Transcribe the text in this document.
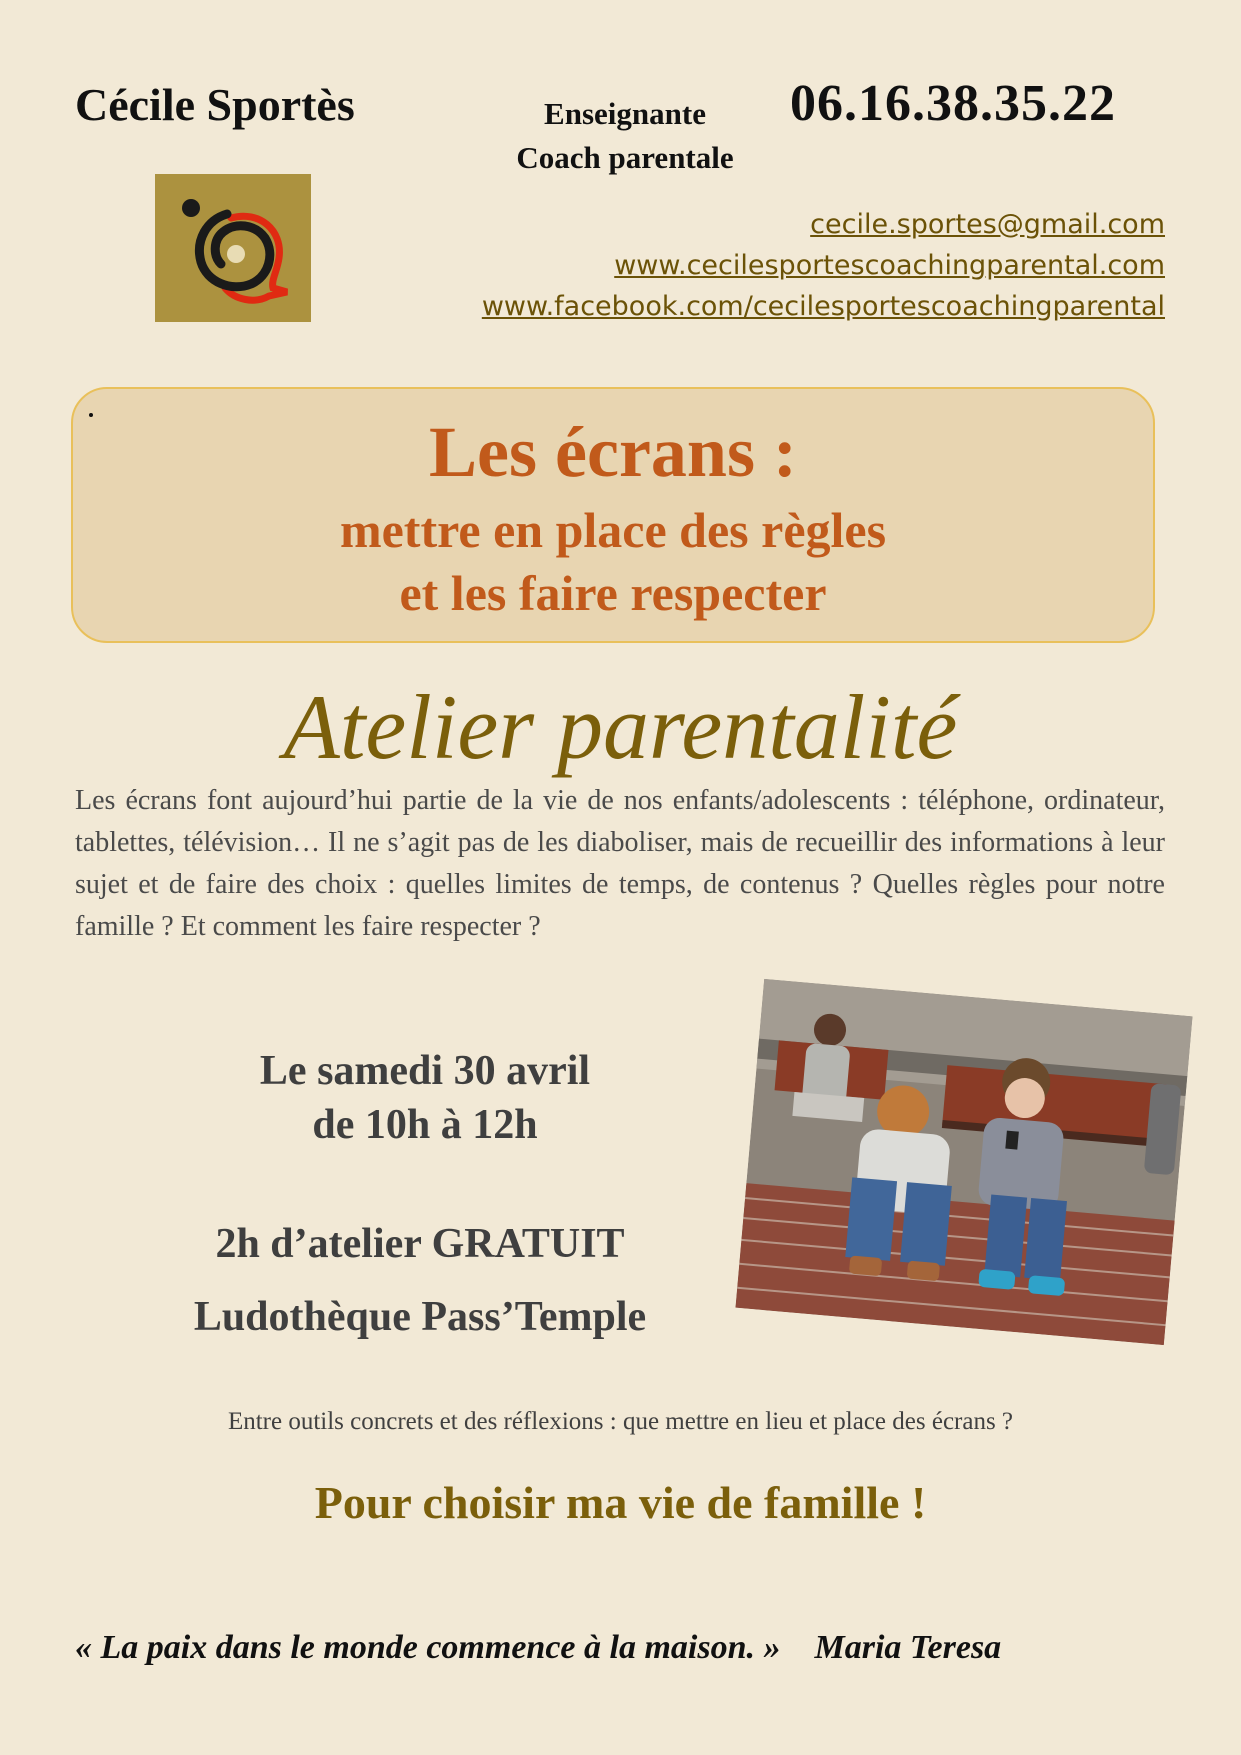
Cécile Sportès	Enseignante
Coach parentale
06.16.38.35.22
cecile.sportes@gmail.com
www.cecilesportescoachingparental.com
www.facebook.com/cecilesportescoachingparental
Les écrans :
mettre en place des règles
et les faire respecter
Atelier parentalité
Les écrans font aujourd’hui partie de la vie de nos enfants/adolescents : téléphone, ordinateur, tablettes, télévision… Il ne s’agit pas de les diaboliser, mais de recueillir des informations à leur sujet et de faire des choix : quelles limites de temps, de contenus ? Quelles règles pour notre famille ? Et comment les faire respecter ?
Le samedi 30 avril
de 10h à 12h
2h d’atelier GRATUIT
Ludothèque Pass’Temple
Entre outils concrets et des réflexions : que mettre en lieu et place des écrans ?
Pour choisir ma vie de famille !
« La paix dans le monde commence à la maison. » Maria Teresa
